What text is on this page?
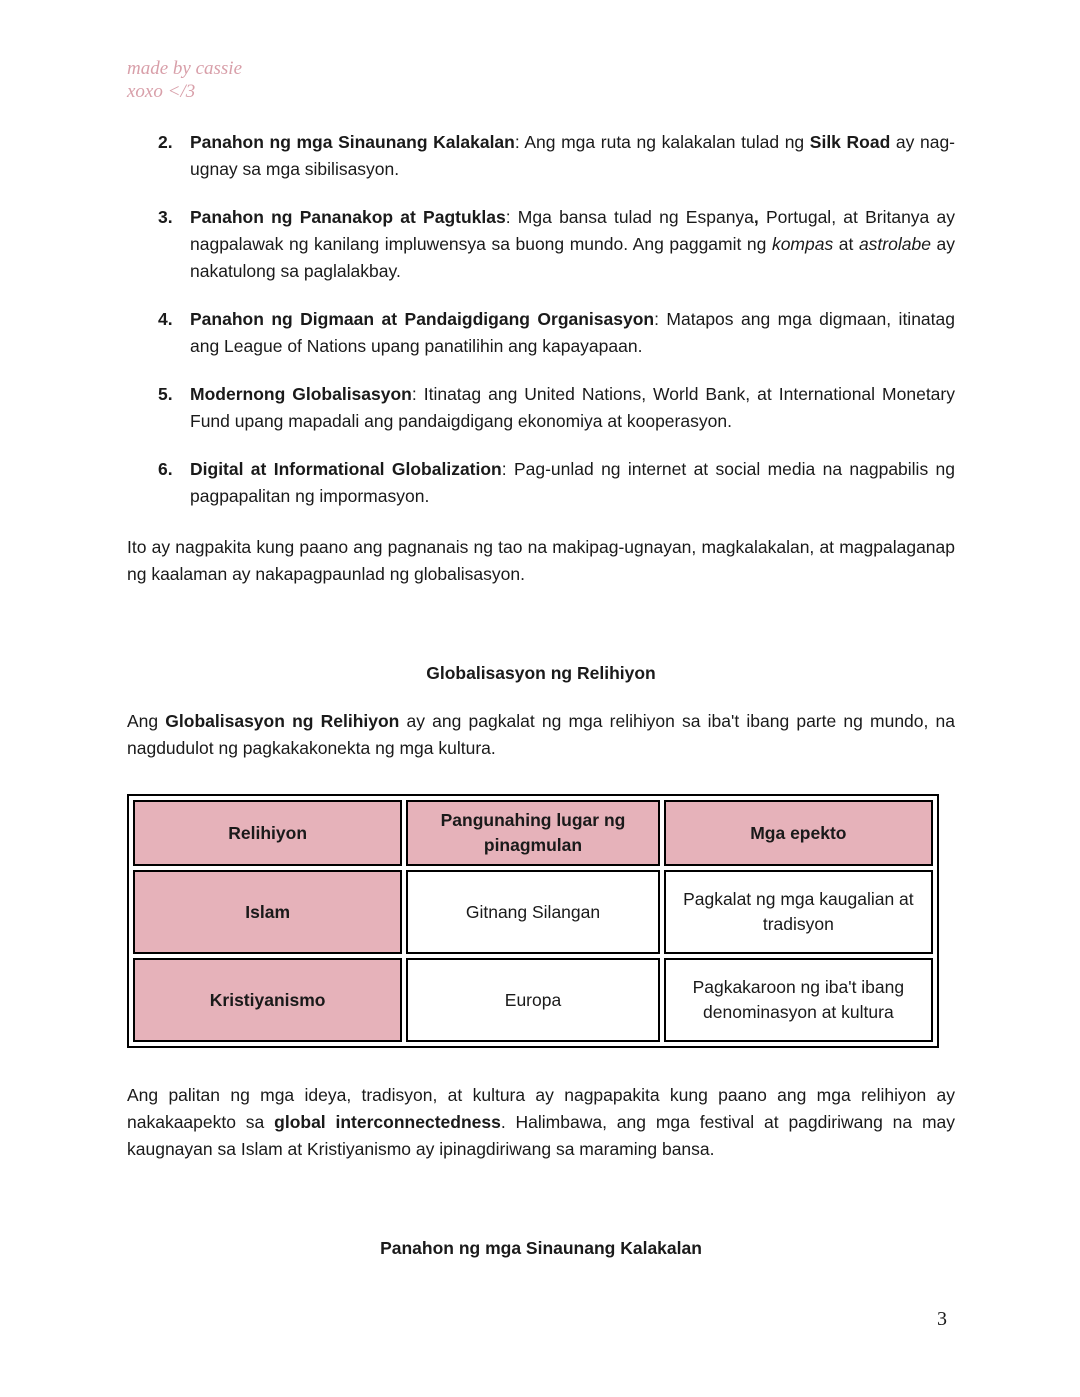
made by cassie
xoxo </3
2. Panahon ng mga Sinaunang Kalakalan: Ang mga ruta ng kalakalan tulad ng Silk Road ay nag-ugnay sa mga sibilisasyon.
3. Panahon ng Pananakop at Pagtuklas: Mga bansa tulad ng Espanya, Portugal, at Britanya ay nagpalawak ng kanilang impluwensya sa buong mundo. Ang paggamit ng kompas at astrolabe ay nakatulong sa paglalakbay.
4. Panahon ng Digmaan at Pandaigdigang Organisasyon: Matapos ang mga digmaan, itinatag ang League of Nations upang panatilihin ang kapayapaan.
5. Modernong Globalisasyon: Itinatag ang United Nations, World Bank, at International Monetary Fund upang mapadali ang pandaigdigang ekonomiya at kooperasyon.
6. Digital at Informational Globalization: Pag-unlad ng internet at social media na nagpabilis ng pagpapalitan ng impormasyon.

Ito ay nagpakita kung paano ang pagnanais ng tao na makipag-ugnayan, magkalakalan, at magpalaganap ng kaalaman ay nakapagpaunlad ng globalisasyon.

Globalisasyon ng Relihiyon

Ang Globalisasyon ng Relihiyon ay ang pagkalat ng mga relihiyon sa iba't ibang parte ng mundo, na nagdudulot ng pagkakakonekta ng mga kultura.

Relihiyon	Pangunahing lugar ng pinagmulan	Mga epekto
Islam	Gitnang Silangan	Pagkalat ng mga kaugalian at tradisyon
Kristiyanismo	Europa	Pagkakaroon ng iba't ibang denominasyon at kultura

Ang palitan ng mga ideya, tradisyon, at kultura ay nagpapakita kung paano ang mga relihiyon ay nakakaapekto sa global interconnectedness. Halimbawa, ang mga festival at pagdiriwang na may kaugnayan sa Islam at Kristiyanismo ay ipinagdiriwang sa maraming bansa.

Panahon ng mga Sinaunang Kalakalan
3
